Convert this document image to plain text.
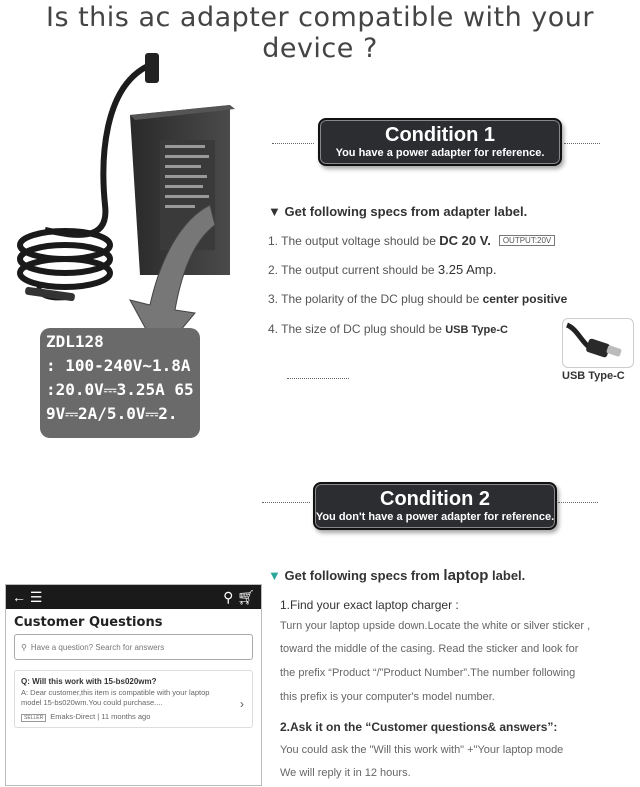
Is this ac adapter compatible with your device ?
ZDL128
: 100-240V~1.8A
:20.0V⎓3.25A 65
9V⎓2A/5.0V⎓2.
Condition 1
You have a power adapter for reference.
▼ Get following specs from adapter label.
1. The output voltage should be DC 20 V. OUTPUT:20V
2. The output current should be 3.25 Amp.
3. The polarity of the DC plug should be center positive
4. The size of DC plug should be USB Type-C
USB Type-C
Condition 2
You don't have a power adapter for reference.
▼ Get following specs from laptop label.
1.Find your exact laptop charger :
Turn your laptop upside down.Locate the white or silver sticker ,
toward the middle of the casing. Read the sticker and look for
the prefix “Product “/”Product Number”.The number following
this prefix is your computer's model number.
2.Ask it on the “Customer questions& answers”:
You could ask the "Will this work with" +"Your laptop mode
We will reply it in 12 hours.
← ☰	⚲ 🛒︎
Customer Questions
⚲ Have a question? Search for answers
Q: Will this work with 15-bs020wm?
A: Dear customer,this item is compatible with your laptop model 15-bs020wm.You could purchase....
SELLER Emaks-Direct | 11 months ago
›
